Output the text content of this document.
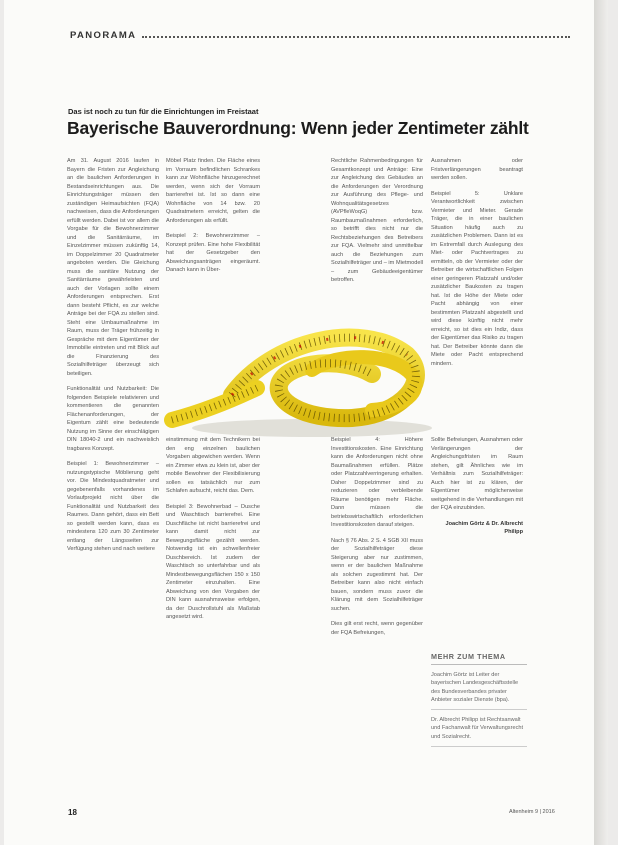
PANORAMA
Das ist noch zu tun für die Einrichtungen im Freistaat
Bayerische Bauverordnung: Wenn jeder Zentimeter zählt

Am 31. August 2016 laufen in Bayern die Fristen zur Angleichung an die baulichen Anforderungen in Bestandseinrichtungen aus. Die Einrichtungsträger müssen den zuständigen Heimaufsichten (FQA) nachweisen, dass die Anforderungen erfüllt werden. Dabei ist vor allem die Vorgabe für die Bewohnerzimmer und die Sanitärräume, im Einzelzimmer müssen zukünftig 14, im Doppelzimmer 20 Quadratmeter angeboten werden. Die Gleichung muss die sanitäre Nutzung der Sanitärräume gewährleisten und auch der Vorlagen sollte einem Anforderungen entsprechen. Erst dann besteht Pflicht, es zur welche Anträge bei der FQA zu stellen sind. Steht eine Umbaumaßnahme im Raum, muss der Träger frühzeitig in Gespräche mit dem Eigentümer der Immobilie eintreten und mit Blick auf die Finanzierung des Sozialhilfeträger überzeugt sich beteiligen.

Funktionalität und Nutzbarkeit: Die folgenden Beispiele relativieren und kommentieren die genannten Flächenanforderungen, der Eigentum zählt eine bedeutende Nutzung im Sinne der einschlägigen DIN 18040-2 und ein nachweislich tragbares Konzept.

Beispiel 1: Bewohnerzimmer – nutzungstypische Möblierung geht vor. Die Mindestquadratmeter und gegebenenfalls vorhandenes im Vorlaufprojekt nicht über die Funktionalität und Nutzbarkeit des Raumes. Dann gehört, dass ein Bett so gestellt werden kann, dass es mindestens 120 zum 30 Zentimeter entlang der Längsseiten zur Verfügung stehen und nach weitere

Möbel Platz finden. Die Fläche eines im Vorraum befindlichen Schrankes kann zur Wohnfläche hinzugerechnet werden, wenn sich der Vorraum barrierefrei ist. Ist so dann eine Wohnfläche von 14 bzw. 20 Quadratmetern erreicht, gelten die Anforderungen als erfüllt.

Beispiel 2: Bewohnerzimmer – Konzept prüfen. Eine hohe Flexibilität hat der Gesetzgeber den Abweichungsanträgen eingeräumt. Danach kann in Über-

Rechtliche Rahmenbedingungen für Gesamtkonzept und Anträge: Eine zur Angleichung des Gebäudes an die Anforderungen der Verordnung zur Ausführung des Pflege- und Wohnqualitätsgesetzes (AVPfleWoqG) bzw. Raumbaumaßnahmen erforderlich, so betrifft dies nicht nur die Rechtsbeziehungen des Betreibers zur FQA. Vielmehr sind unmittelbar auch die Beziehungen zum Sozialhilfeträger und – im Mietmodell – zum Gebäudeeigentümer betroffen.

Ausnahmen oder Fristverlängerungen beantragt werden sollen.

Beispiel 5: Unklare Verantwortlichkeit zwischen Vermieter und Mieter. Gerade Träger, die in einer baulichen Situation häufig auch zu zusätzlichen Problemen. Dann ist es im Extremfall durch Auslegung des Miet- oder Pachtvertrages zu ermitteln, ob der Vermieter oder der Betreiber die wirtschaftlichen Folgen einer geringeren Platzzahl und/oder zusätzlicher Baukosten zu tragen hat. Ist die Höhe der Miete oder Pacht abhängig von einer bestimmten Platzzahl abgestellt und wird diese künftig nicht mehr erreicht, so ist dies ein Indiz, dass der Eigentümer das Risiko zu tragen hat. Der Betreiber könnte dann die Miete oder Pacht entsprechend mindern.

einstimmung mit dem Technikern bei den eng einzelnen baulichen Vorgaben abgewichen werden. Wenn ein Zimmer etwa zu klein ist, aber der mobile Bewohner der Flexibilisierung sollen es tatsächlich nur zum Schlafen aufsucht, reicht das. Dem.

Beispiel 3: Bewohnerbad – Dusche und Waschtisch barrierefrei. Eine Duschfläche ist nicht barrierefrei und kann damit nicht zur Bewegungsfläche gezählt werden. Notwendig ist ein schwellenfreier Duschbereich. Ist zudem der Waschtisch so unterfahrbar und als Mindestbewegungsflächen 150 x 150 Zentimeter einzuhalten. Eine Abweichung von den Vorgaben der DIN kann ausnahmsweise erfolgen, da der Duschrollstuhl als Maßstab angesetzt wird.

Beispiel 4: Höhere Investitionskosten. Eine Einrichtung kann die Anforderungen nicht ohne Baumaßnahmen erfüllen. Plätze oder Platzzahlverringerung erhalten. Daher Doppelzimmer sind zu reduzieren oder verbleibende Räume benötigen mehr Fläche. Dann müssen die betriebswirtschaftlich erforderlichen Investitionskosten darauf steigen.

Nach § 76 Abs. 2 S. 4 SGB XII muss der Sozialhilfeträger diese Steigerung aber nur zustimmen, wenn er der baulichen Maßnahme als solchen zugestimmt hat. Der Betreiber kann also nicht einfach bauen, sondern muss zuvor die Klärung mit dem Sozialhilfeträger suchen.

Dies gilt erst recht, wenn gegenüber der FQA Befreiungen,

Sollte Befreiungen, Ausnahmen oder Verlängerungen der Angleichungsfristen im Raum stehen, gilt Ähnliches wie im Verhältnis zum Sozialhilfeträger: Auch hier ist zu klären, der Eigentümer möglicherweise weitgehend in die Verhandlungen mit der FQA einzubinden.

Joachim Görtz & Dr. Albrecht Philipp

MEHR ZUM THEMA
Joachim Görtz ist Leiter der bayerischen Landesgeschäftsstelle des Bundesverbandes privater Anbieter sozialer Dienste (bpa).
Dr. Albrecht Philipp ist Rechtsanwalt und Fachanwalt für Verwaltungsrecht und Sozialrecht.
18	Altenheim 9 | 2016
